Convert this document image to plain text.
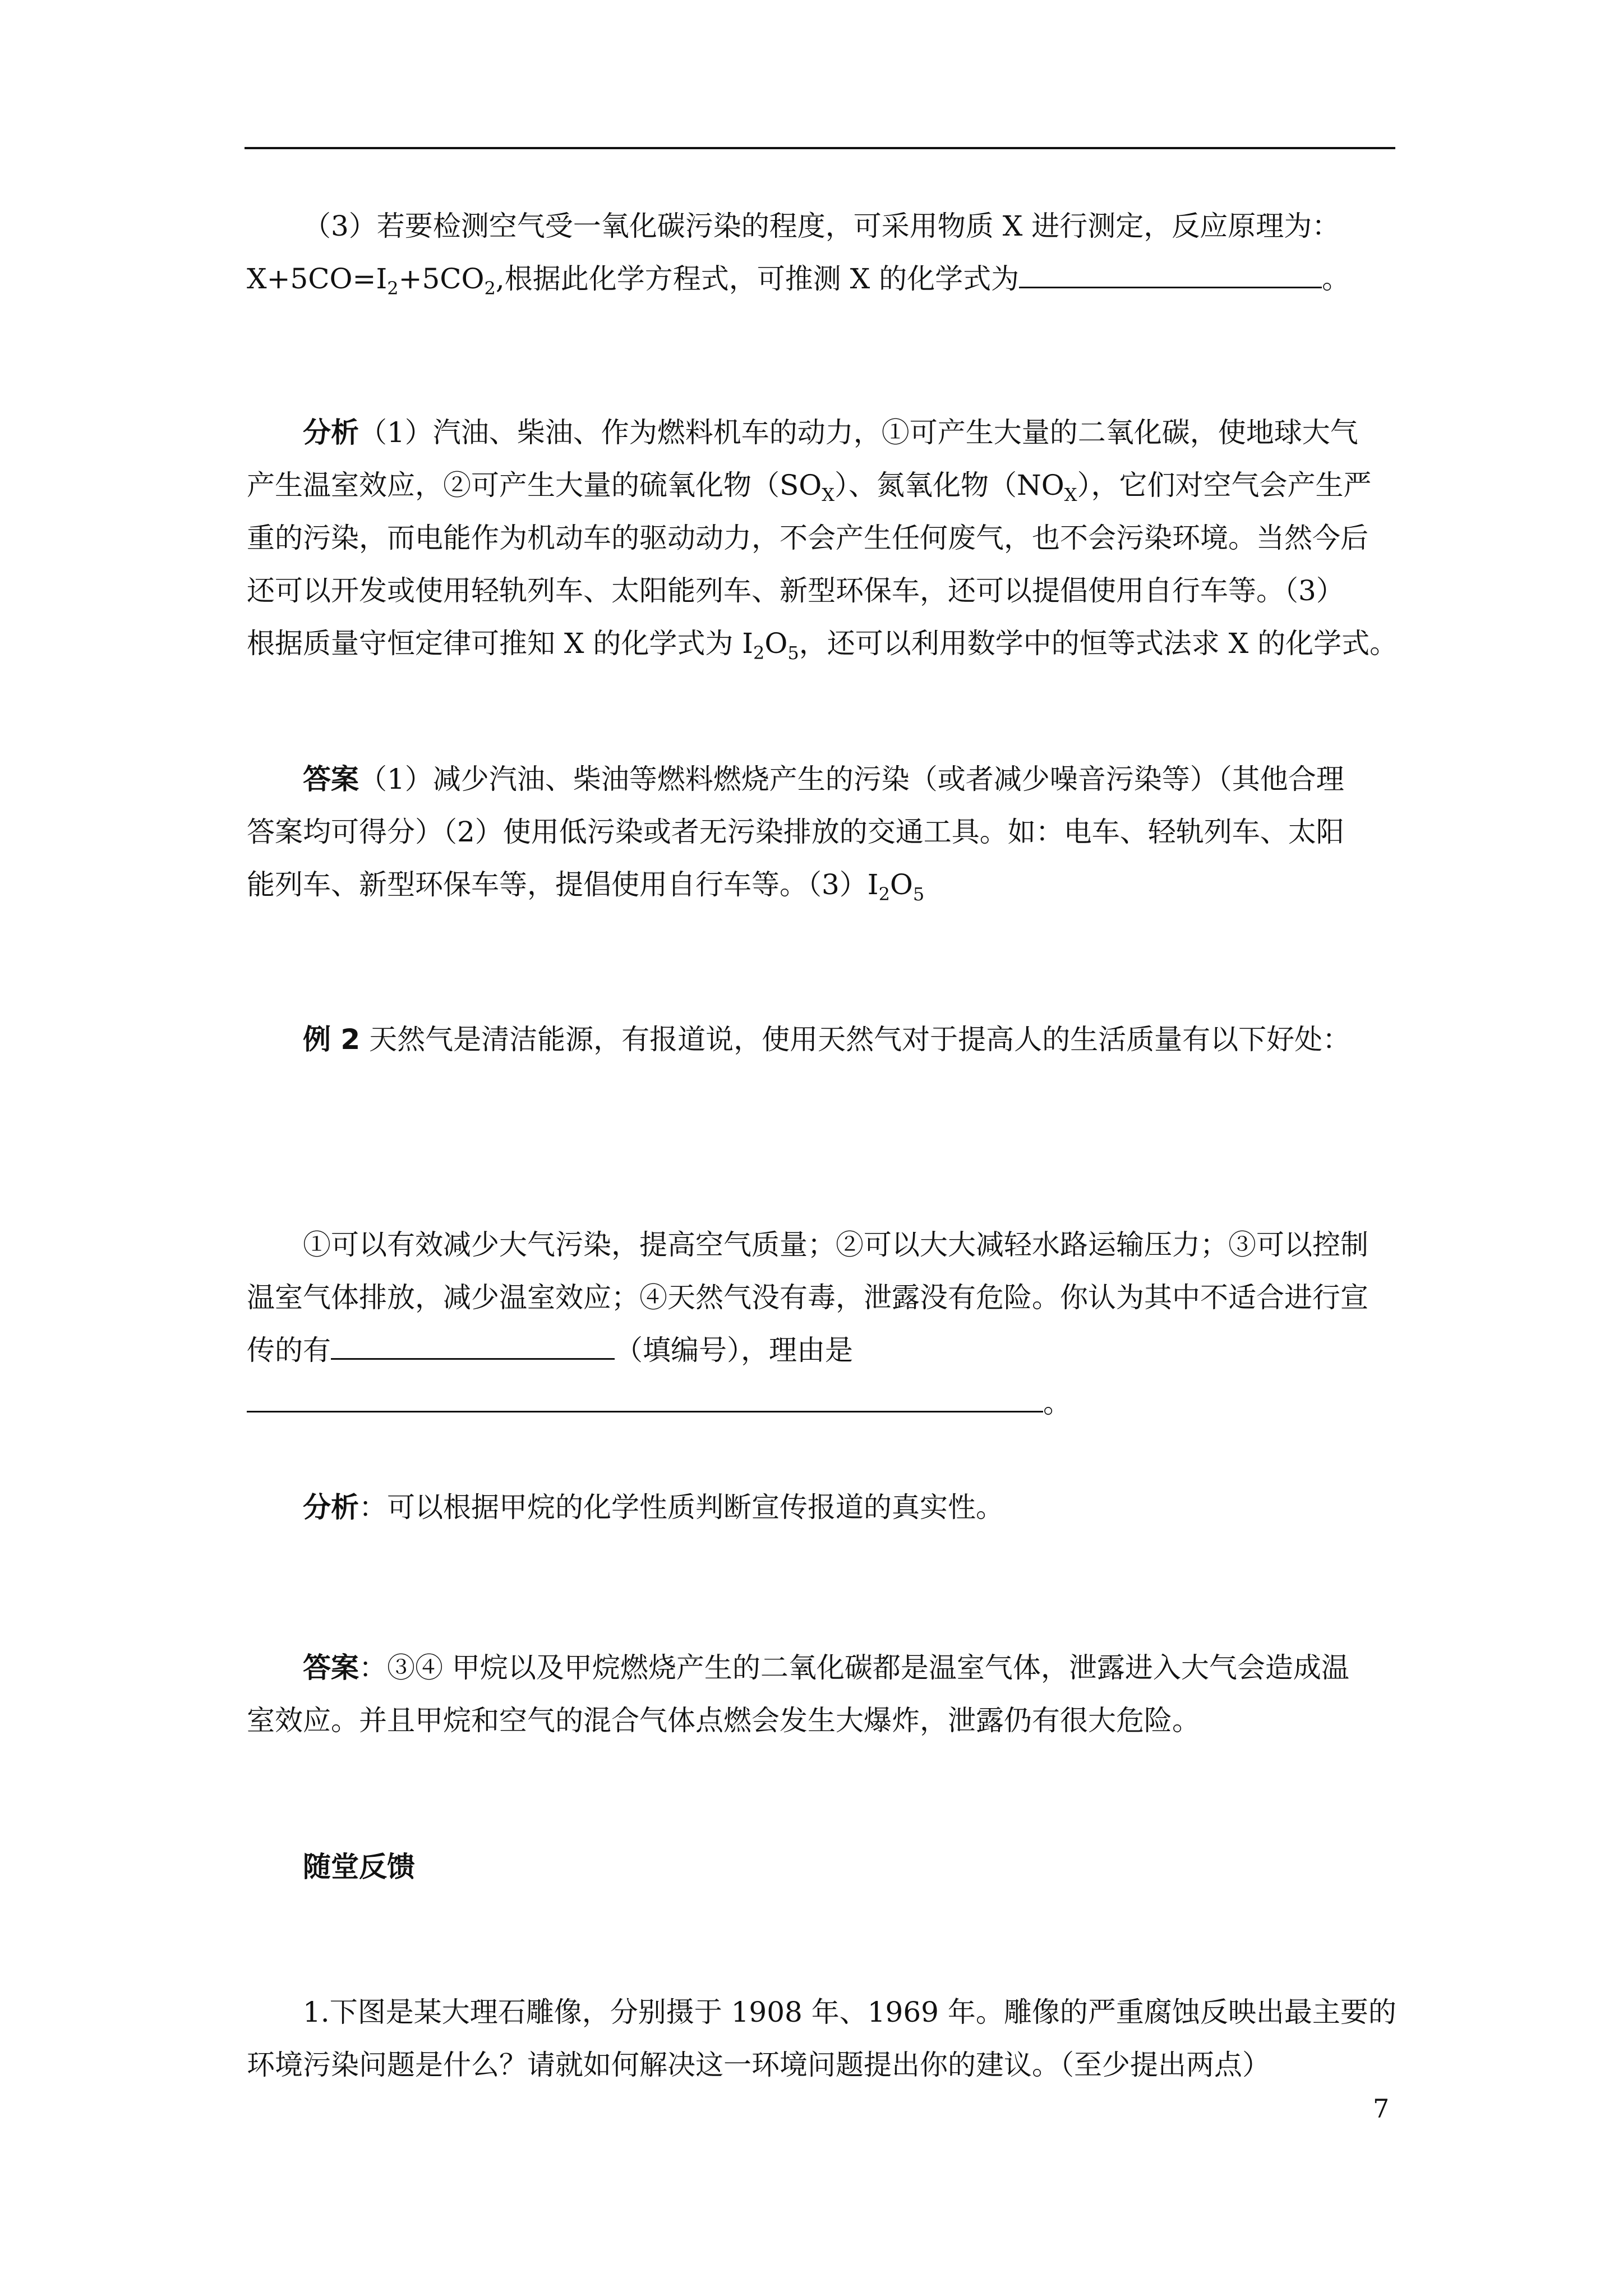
（3）若要检测空气受一氧化碳污染的程度，可采用物质 X 进行测定，反应原理为：
$X+5CO=I_2+5CO_2$,根据此化学方程式，可推测 X 的化学式为	。
分析（1）汽油、柴油、作为燃料机车的动力，①可产生大量的二氧化碳，使地球大气
产生温室效应，②可产生大量的硫氧化物$(SO_X)$、氮氧化物$(NO_X)$，它们对空气会产生严
重的污染，而电能作为机动车的驱动动力，不会产生任何废气，也不会污染环境。当然今后
还可以开发或使用轻轨列车、太阳能列车、新型环保车，还可以提倡使用自行车等。（3）
根据质量守恒定律可推知 X 的化学式为 $I_2O_5$，还可以利用数学中的恒等式法求 X 的化学式。
答案（1）减少汽油、柴油等燃料燃烧产生的污染（或者减少噪音污染等）（其他合理
答案均可得分）（2）使用低污染或者无污染排放的交通工具。如：电车、轻轨列车、太阳
能列车、新型环保车等，提倡使用自行车等。$(3)I_2O_5$
例 2 天然气是清洁能源，有报道说，使用天然气对于提高人的生活质量有以下好处：
①可以有效减少大气污染，提高空气质量；②可以大大减轻水路运输压力；③可以控制
温室气体排放，减少温室效应；④天然气没有毒，泄露没有危险。你认为其中不适合进行宣
传的有	（填编号），理由是
。
分析：可以根据甲烷的化学性质判断宣传报道的真实性。
答案：③④ 甲烷以及甲烷燃烧产生的二氧化碳都是温室气体，泄露进入大气会造成温
室效应。并且甲烷和空气的混合气体点燃会发生大爆炸，泄露仍有很大危险。
随堂反馈
1.下图是某大理石雕像，分别摄于 1908 年、1969 年。雕像的严重腐蚀反映出最主要的
环境污染问题是什么？请就如何解决这一环境问题提出你的建议。（至少提出两点）
7
